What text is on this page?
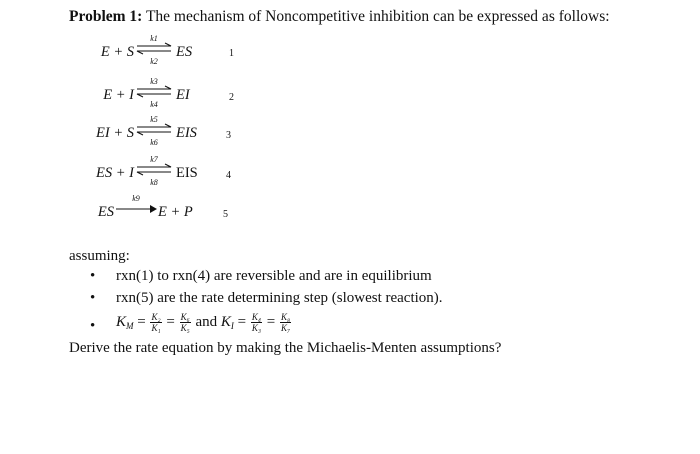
Problem 1: The mechanism of Noncompetitive inhibition can be expressed as follows:
E + S
k1
k2
ES	1
E + I
k3
k4
EI	2
EI + S
k5
k6
EIS	3
ES + I
k7
k8
EIS	4
ES
k9
E + P	5
assuming:
• rxn(1) to rxn(4) are reversible and are in equilibrium
• rxn(5) are the rate determining step (slowest reaction).
• $K_M = \frac{\text{K₂}}{\text{K₁}} = \frac{\text{K₆}}{\text{K₅}}$ and $K_I = \frac{\text{K₄}}{\text{K₃}} = \frac{\text{K₈}}{\text{K₇}}$
Derive the rate equation by making the Michaelis-Menten assumptions?
